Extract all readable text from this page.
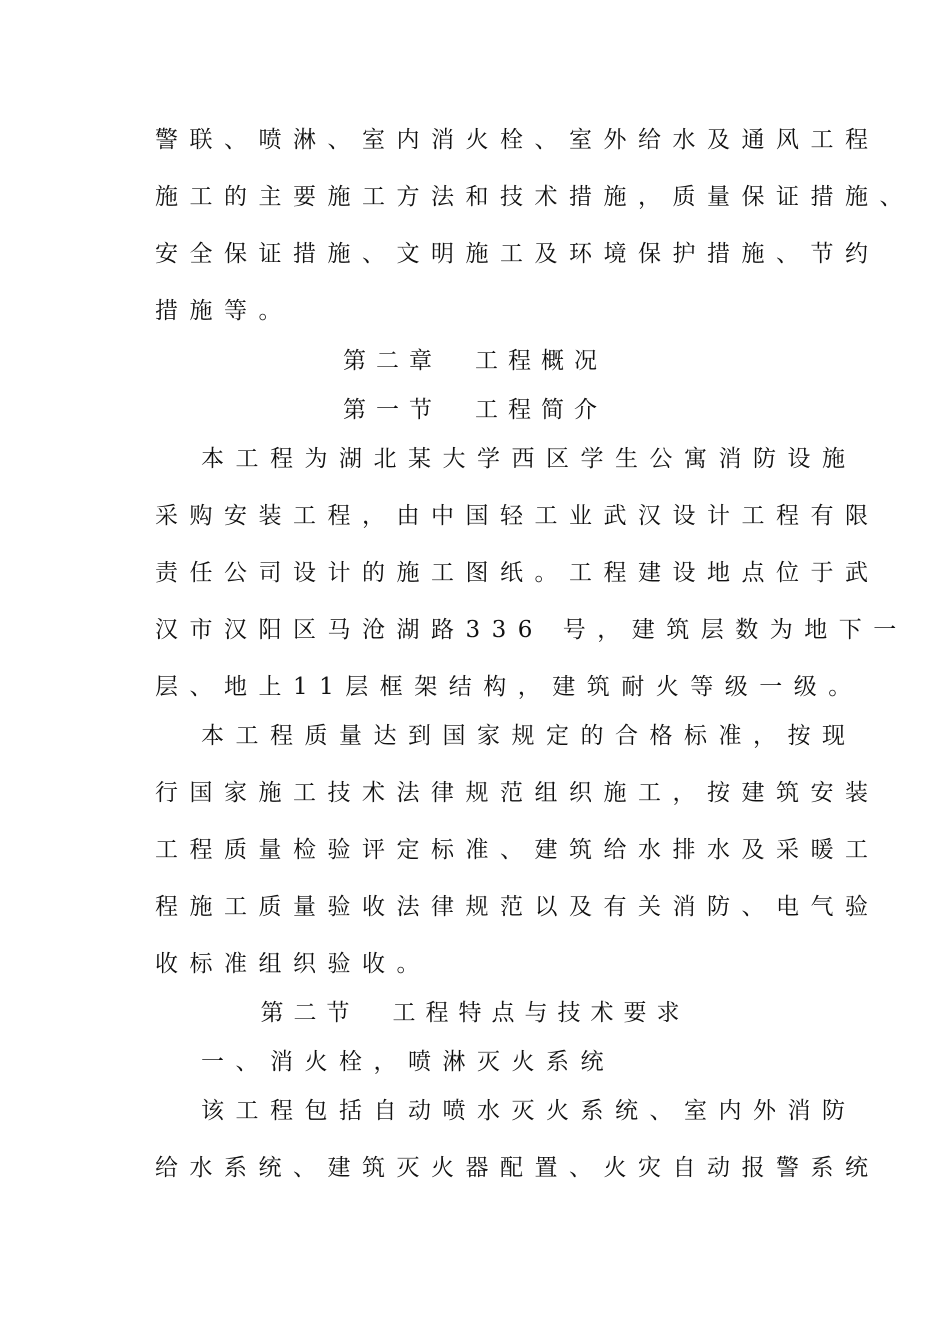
警联、喷淋、室内消火栓、室外给水及通风工程
施工的主要施工方法和技术措施，质量保证措施、
安全保证措施、文明施工及环境保护措施、节约
措施等。
第二章　工程概况
第一节　工程简介
本工程为湖北某大学西区学生公寓消防设施
采购安装工程，由中国轻工业武汉设计工程有限
责任公司设计的施工图纸。工程建设地点位于武
汉市汉阳区马沧湖路336 号，建筑层数为地下一
层、地上11层框架结构，建筑耐火等级一级。
本工程质量达到国家规定的合格标准，按现
行国家施工技术法律规范组织施工，按建筑安装
工程质量检验评定标准、建筑给水排水及采暖工
程施工质量验收法律规范以及有关消防、电气验
收标准组织验收。
第二节　工程特点与技术要求
一、消火栓，喷淋灭火系统
该工程包括自动喷水灭火系统、室内外消防
给水系统、建筑灭火器配置、火灾自动报警系统
